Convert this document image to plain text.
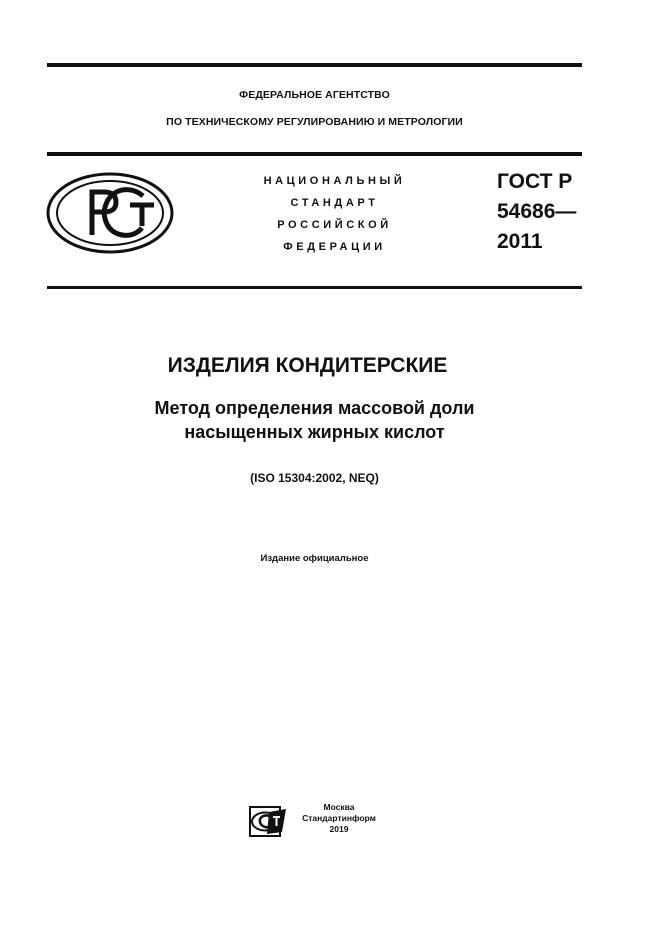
ФЕДЕРАЛЬНОЕ АГЕНТСТВО
ПО ТЕХНИЧЕСКОМУ РЕГУЛИРОВАНИЮ И МЕТРОЛОГИИ
НАЦИОНАЛЬНЫЙ
СТАНДАРТ
РОССИЙСКОЙ
ФЕДЕРАЦИИ
ГОСТ Р
54686—
2011
ИЗДЕЛИЯ КОНДИТЕРСКИЕ
Метод определения массовой доли
насыщенных жирных кислот
(ISO 15304:2002, NEQ)
Издание официальное
Москва
Стандартинформ
2019
